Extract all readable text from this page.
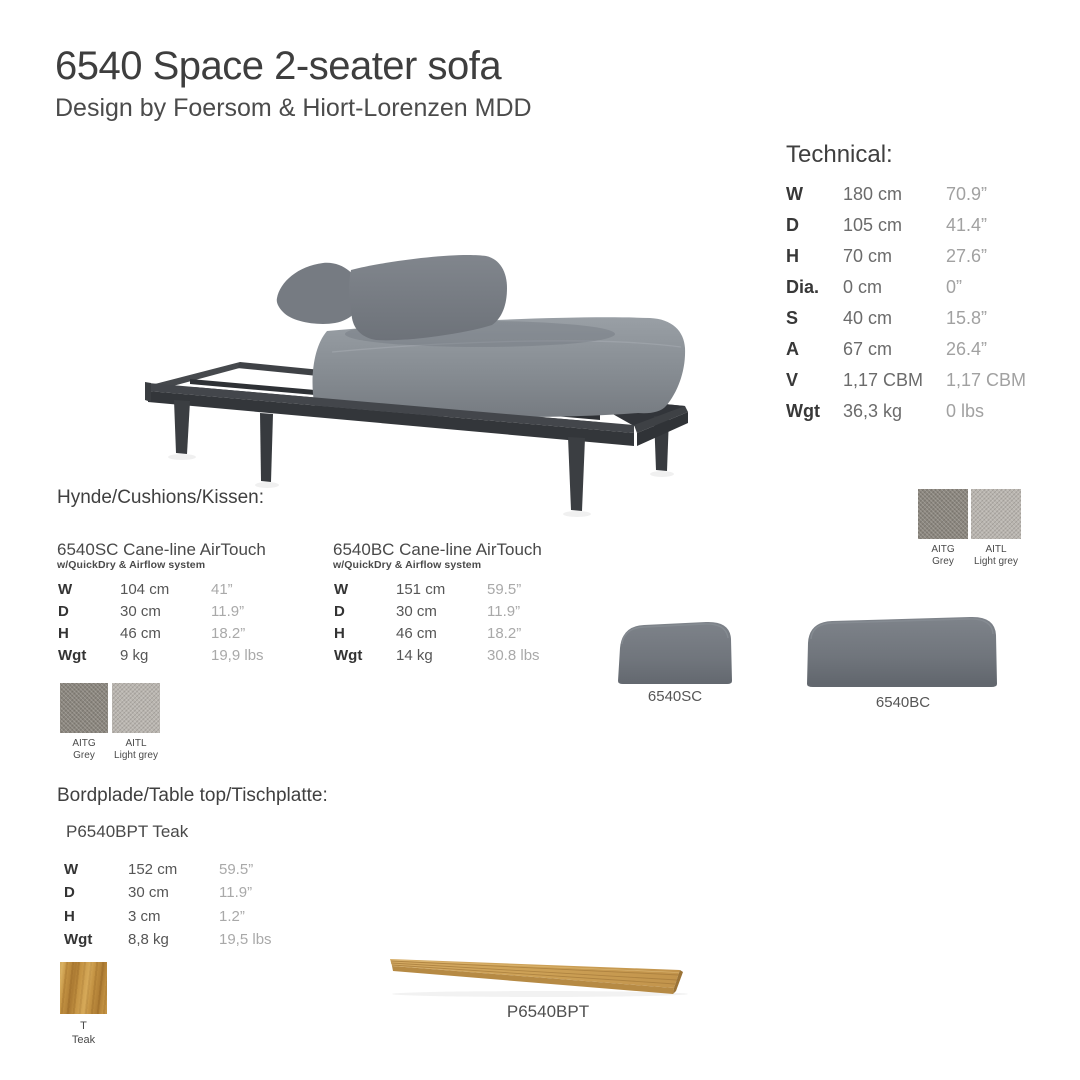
6540 Space 2-seater sofa
Design by Foersom & Hiort-Lorenzen MDD
Technical:
W	180 cm	70.9”
D	105 cm	41.4”
H	70 cm	27.6”
Dia.	0 cm	0”
S	40 cm	15.8”
A	67 cm	26.4”
V	1,17 CBM	1,17 CBM
Wgt	36,3 kg	0 lbs
Hynde/Cushions/Kissen:
AITG
Grey
AITL
Light grey
6540SC Cane-line AirTouch
w/QuickDry & Airflow system
W	104 cm	41”
D	30 cm	11.9”
H	46 cm	18.2”
Wgt	9 kg	19,9 lbs
6540BC Cane-line AirTouch
w/QuickDry & Airflow system
W	151 cm	59.5”
D	30 cm	11.9”
H	46 cm	18.2”
Wgt	14 kg	30.8 lbs
AITG
Grey
AITL
Light grey
6540SC	6540BC
Bordplade/Table top/Tischplatte:
P6540BPT Teak
W	152 cm	59.5”
D	30 cm	11.9”
H	3 cm	1.2”
Wgt	8,8 kg	19,5 lbs
T
Teak
P6540BPT
